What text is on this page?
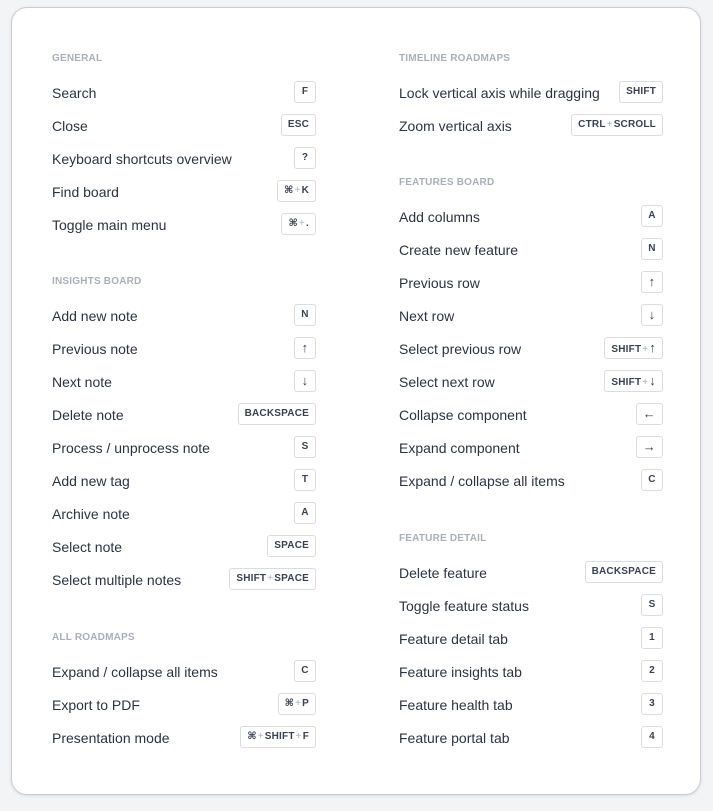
GENERAL
Search	F
Close	ESC
Keyboard shortcuts overview	?
Find board	⌘+K
Toggle main menu	⌘+.
INSIGHTS BOARD
Add new note	N
Previous note	↑
Next note	↓
Delete note	BACKSPACE
Process / unprocess note	S
Add new tag	T
Archive note	A
Select note	SPACE
Select multiple notes	SHIFT+SPACE
ALL ROADMAPS
Expand / collapse all items	C
Export to PDF	⌘+P
Presentation mode	⌘+SHIFT+F
TIMELINE ROADMAPS
Lock vertical axis while dragging	SHIFT
Zoom vertical axis	CTRL+SCROLL
FEATURES BOARD
Add columns	A
Create new feature	N
Previous row	↑
Next row	↓
Select previous row	SHIFT+↑
Select next row	SHIFT+↓
Collapse component	←
Expand component	→
Expand / collapse all items	C
FEATURE DETAIL
Delete feature	BACKSPACE
Toggle feature status	S
Feature detail tab	1
Feature insights tab	2
Feature health tab	3
Feature portal tab	4
